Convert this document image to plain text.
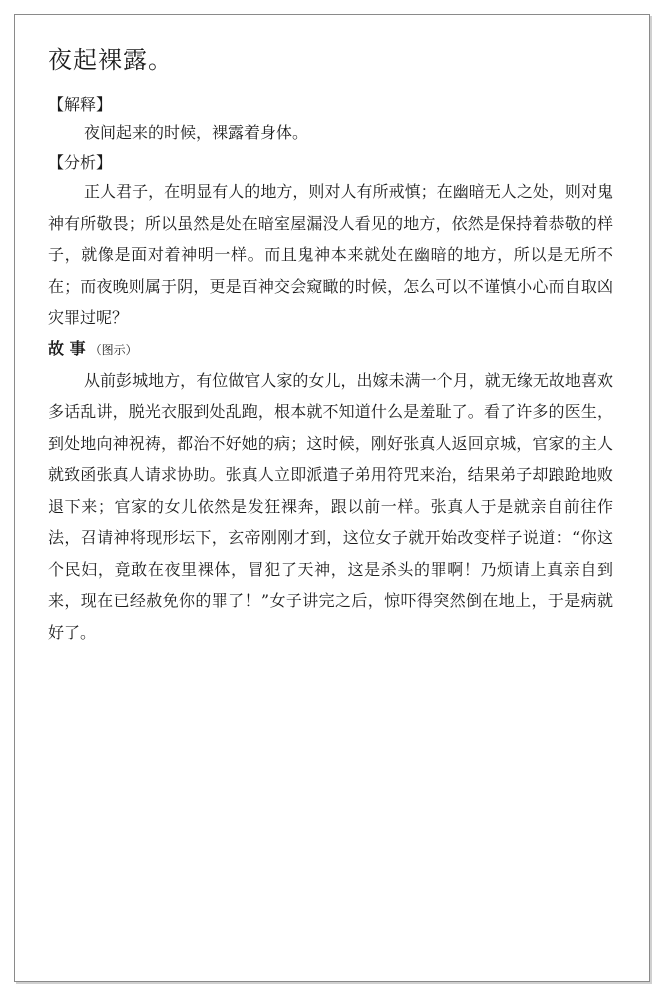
夜起裸露。
【解释】

夜间起来的时候，裸露着身体。

【分析】

正人君子，在明显有人的地方，则对人有所戒慎；在幽暗无人之处，则对鬼神有所敬畏；所以虽然是处在暗室屋漏没人看见的地方，依然是保持着恭敬的样子，就像是面对着神明一样。而且鬼神本来就处在幽暗的地方，所以是无所不在；而夜晚则属于阴，更是百神交会窥瞰的时候，怎么可以不谨慎小心而自取凶灾罪过呢？

故 事 （图示）

从前彭城地方，有位做官人家的女儿，出嫁未满一个月，就无缘无故地喜欢多话乱讲，脱光衣服到处乱跑，根本就不知道什么是羞耻了。看了许多的医生，到处地向神祝祷，都治不好她的病；这时候，刚好张真人返回京城，官家的主人就致函张真人请求协助。张真人立即派遣子弟用符咒来治，结果弟子却踉跄地败退下来；官家的女儿依然是发狂裸奔，跟以前一样。张真人于是就亲自前往作法，召请神将现形坛下，玄帝刚刚才到，这位女子就开始改变样子说道：“你这个民妇，竟敢在夜里裸体，冒犯了天神，这是杀头的罪啊！乃烦请上真亲自到来，现在已经赦免你的罪了！”女子讲完之后，惊吓得突然倒在地上，于是病就好了。
